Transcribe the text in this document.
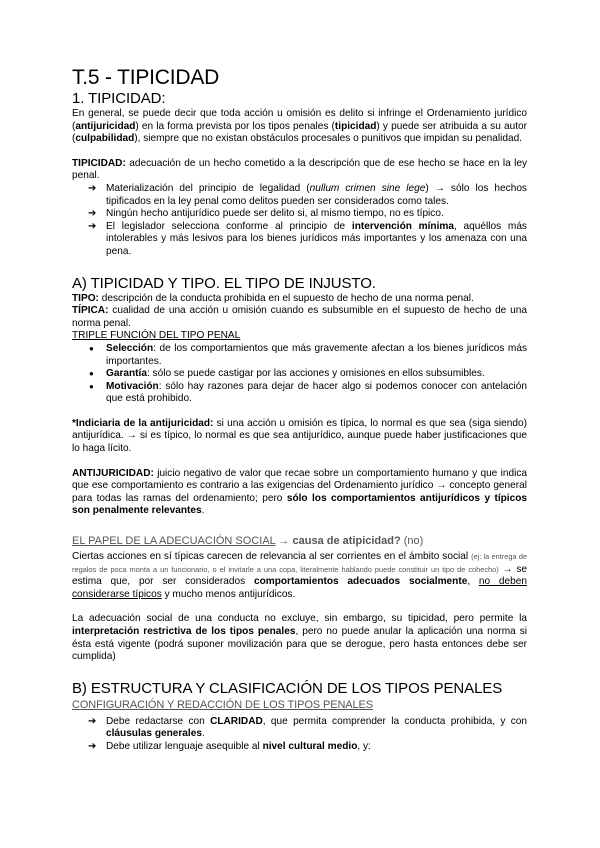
T.5 - TIPICIDAD
1. TIPICIDAD:

En general, se puede decir que toda acción u omisión es delito si infringe el Ordenamiento jurídico (antijuricidad) en la forma prevista por los tipos penales (tipicidad) y puede ser atribuida a su autor (culpabilidad), siempre que no existan obstáculos procesales o punitivos que impidan su penalidad.

TIPICIDAD: adecuación de un hecho cometido a la descripción que de ese hecho se hace en la ley penal.

➔ Materialización del principio de legalidad (nullum crimen sine lege) → sólo los hechos tipificados en la ley penal como delitos pueden ser considerados como tales.
➔ Ningún hecho antijurídico puede ser delito si, al mismo tiempo, no es típico.
➔ El legislador selecciona conforme al principio de intervención mínima, aquéllos más intolerables y más lesivos para los bienes jurídicos más importantes y los amenaza con una pena.
A) TIPICIDAD Y TIPO. EL TIPO DE INJUSTO.

TIPO: descripción de la conducta prohibida en el supuesto de hecho de una norma penal.

TÍPICA: cualidad de una acción u omisión cuando es subsumible en el supuesto de hecho de una norma penal.

TRIPLE FUNCIÓN DEL TIPO PENAL

● Selección: de los comportamientos que más gravemente afectan a los bienes jurídicos más importantes.
● Garantía: sólo se puede castigar por las acciones y omisiones en ellos subsumibles.
● Motivación: sólo hay razones para dejar de hacer algo si podemos conocer con antelación que está prohibido.

*Indiciaria de la antijuricidad: si una acción u omisión es típica, lo normal es que sea (siga siendo) antijurídica. → si es típico, lo normal es que sea antijurídico, aunque puede haber justificaciones que lo haga lícito.

ANTIJURICIDAD: juicio negativo de valor que recae sobre un comportamiento humano y que indica que ese comportamiento es contrario a las exigencias del Ordenamiento jurídico → concepto general para todas las ramas del ordenamiento; pero sólo los comportamientos antijurídicos y típicos son penalmente relevantes.

EL PAPEL DE LA ADECUACIÓN SOCIAL → causa de atipicidad? (no)

Ciertas acciones en sí típicas carecen de relevancia al ser corrientes en el ámbito social (ej: la entrega de regalos de poca monta a un funcionario, o el invitarle a una copa, literalmente hablando puede constituir un tipo de cohecho) → se estima que, por ser considerados comportamientos adecuados socialmente, no deben considerarse típicos y mucho menos antijurídicos.

La adecuación social de una conducta no excluye, sin embargo, su tipicidad, pero permite la interpretación restrictiva de los tipos penales, pero no puede anular la aplicación una norma si ésta está vigente (podrá suponer movilización para que se derogue, pero hasta entonces debe ser cumplida)

B) ESTRUCTURA Y CLASIFICACIÓN DE LOS TIPOS PENALES

CONFIGURACIÓN Y REDACCIÓN DE LOS TIPOS PENALES

➔ Debe redactarse con CLARIDAD, que permita comprender la conducta prohibida, y con cláusulas generales.
➔ Debe utilizar lenguaje asequible al nivel cultural medio, y:
